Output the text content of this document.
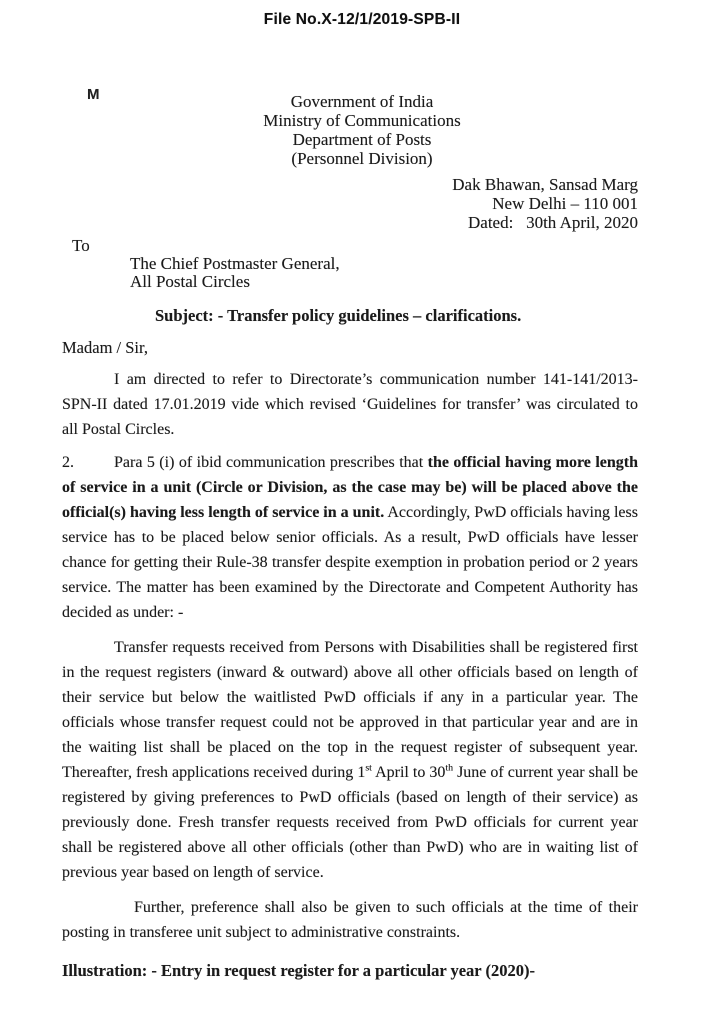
File No.X-12/1/2019-SPB-II
M	Government of India
Ministry of Communications
Department of Posts
(Personnel Division)
Dak Bhawan, Sansad Marg
New Delhi – 110 001
Dated:   30th April, 2020
To
The Chief Postmaster General,
All Postal Circles
Subject: - Transfer policy guidelines – clarifications.
Madam / Sir,
I am directed to refer to Directorate’s communication number 141-141/2013-SPN-II dated 17.01.2019 vide which revised ‘Guidelines for transfer’ was circulated to all Postal Circles.
2.	Para 5 (i) of ibid communication prescribes that the official having more length of service in a unit (Circle or Division, as the case may be) will be placed above the official(s) having less length of service in a unit. Accordingly, PwD officials having less service has to be placed below senior officials. As a result, PwD officials have lesser chance for getting their Rule-38 transfer despite exemption in probation period or 2 years service. The matter has been examined by the Directorate and Competent Authority has decided as under: -
Transfer requests received from Persons with Disabilities shall be registered first in the request registers (inward & outward) above all other officials based on length of their service but below the waitlisted PwD officials if any in a particular year. The officials whose transfer request could not be approved in that particular year and are in the waiting list shall be placed on the top in the request register of subsequent year. Thereafter, fresh applications received during 1st April to 30th June of current year shall be registered by giving preferences to PwD officials (based on length of their service) as previously done. Fresh transfer requests received from PwD officials for current year shall be registered above all other officials (other than PwD) who are in waiting list of previous year based on length of service.
Further, preference shall also be given to such officials at the time of their posting in transferee unit subject to administrative constraints.
Illustration: - Entry in request register for a particular year (2020)-
